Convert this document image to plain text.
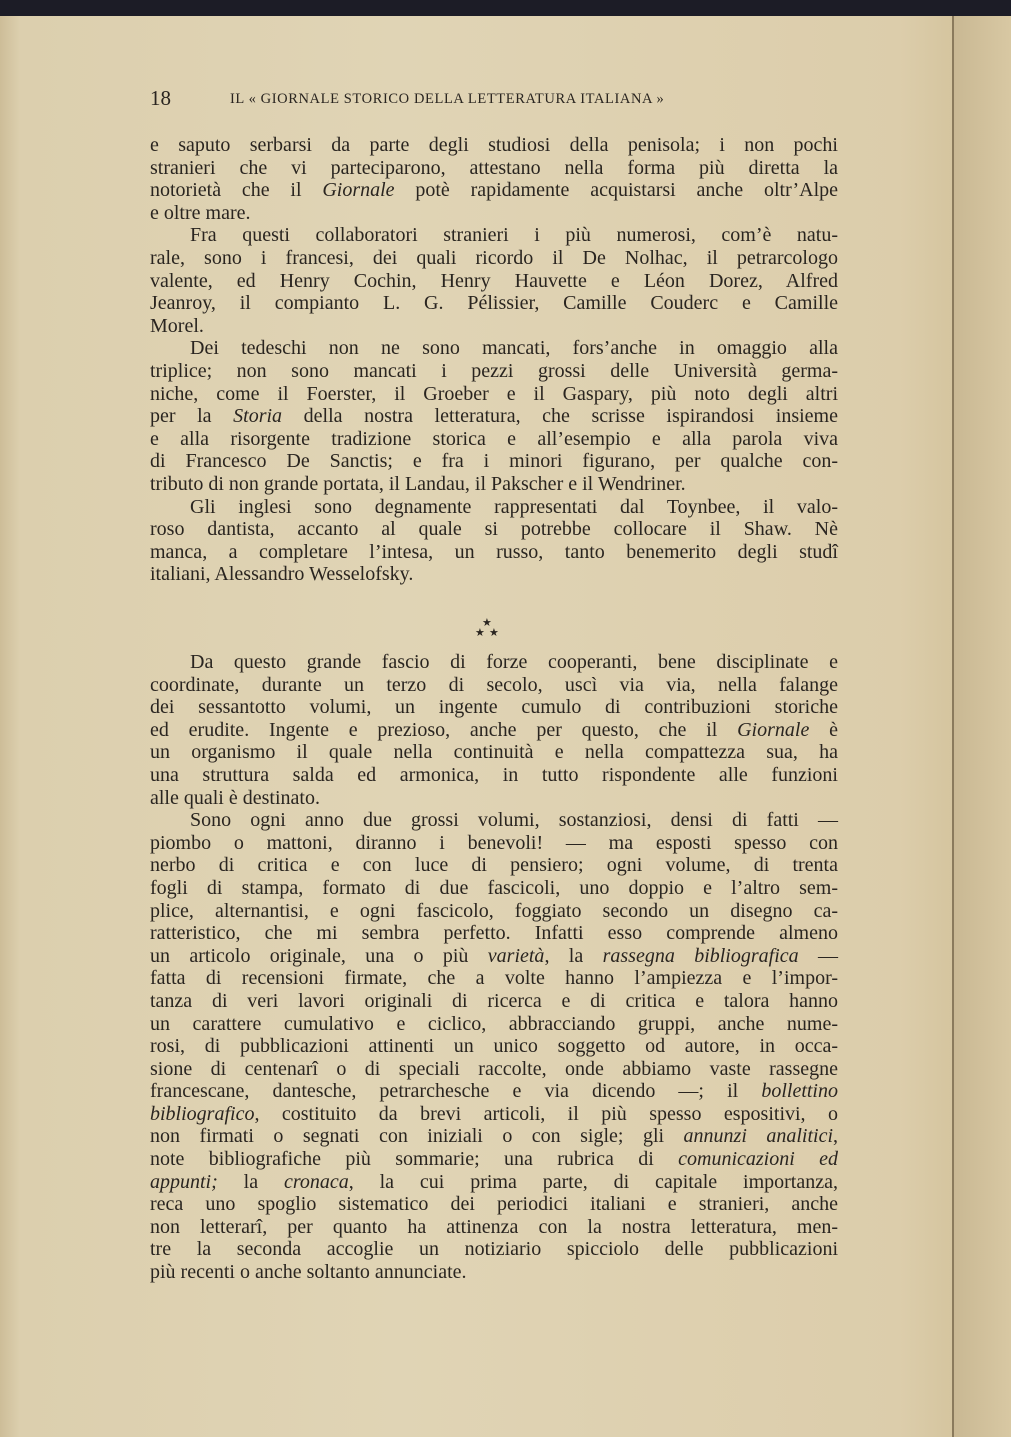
18	IL « GIORNALE STORICO DELLA LETTERATURA ITALIANA »
e saputo serbarsi da parte degli studiosi della penisola; i non pochi
stranieri che vi parteciparono, attestano nella forma più diretta la
notorietà che il Giornale potè rapidamente acquistarsi anche oltr’Alpe
e oltre mare.
Fra questi collaboratori stranieri i più numerosi, com’è natu-
rale, sono i francesi, dei quali ricordo il De Nolhac, il petrarcologo
valente, ed Henry Cochin, Henry Hauvette e Léon Dorez, Alfred
Jeanroy, il compianto L. G. Pélissier, Camille Couderc e Camille
Morel.
Dei tedeschi non ne sono mancati, fors’anche in omaggio alla
triplice; non sono mancati i pezzi grossi delle Università germa-
niche, come il Foerster, il Groeber e il Gaspary, più noto degli altri
per la Storia della nostra letteratura, che scrisse ispirandosi insieme
e alla risorgente tradizione storica e all’esempio e alla parola viva
di Francesco De Sanctis; e fra i minori figurano, per qualche con-
tributo di non grande portata, il Landau, il Pakscher e il Wendriner.
Gli inglesi sono degnamente rappresentati dal Toynbee, il valo-
roso dantista, accanto al quale si potrebbe collocare il Shaw. Nè
manca, a completare l’intesa, un russo, tanto benemerito degli studî
italiani, Alessandro Wesselofsky.
★
★ ★
Da questo grande fascio di forze cooperanti, bene disciplinate e
coordinate, durante un terzo di secolo, uscì via via, nella falange
dei sessantotto volumi, un ingente cumulo di contribuzioni storiche
ed erudite. Ingente e prezioso, anche per questo, che il Giornale è
un organismo il quale nella continuità e nella compattezza sua, ha
una struttura salda ed armonica, in tutto rispondente alle funzioni
alle quali è destinato.
Sono ogni anno due grossi volumi, sostanziosi, densi di fatti —
piombo o mattoni, diranno i benevoli! — ma esposti spesso con
nerbo di critica e con luce di pensiero; ogni volume, di trenta
fogli di stampa, formato di due fascicoli, uno doppio e l’altro sem-
plice, alternantisi, e ogni fascicolo, foggiato secondo un disegno ca-
ratteristico, che mi sembra perfetto. Infatti esso comprende almeno
un articolo originale, una o più varietà, la rassegna bibliografica —
fatta di recensioni firmate, che a volte hanno l’ampiezza e l’impor-
tanza di veri lavori originali di ricerca e di critica e talora hanno
un carattere cumulativo e ciclico, abbracciando gruppi, anche nume-
rosi, di pubblicazioni attinenti un unico soggetto od autore, in occa-
sione di centenarî o di speciali raccolte, onde abbiamo vaste rassegne
francescane, dantesche, petrarchesche e via dicendo —; il bollettino
bibliografico, costituito da brevi articoli, il più spesso espositivi, o
non firmati o segnati con iniziali o con sigle; gli annunzi analitici,
note bibliografiche più sommarie; una rubrica di comunicazioni ed
appunti; la cronaca, la cui prima parte, di capitale importanza,
reca uno spoglio sistematico dei periodici italiani e stranieri, anche
non letterarî, per quanto ha attinenza con la nostra letteratura, men-
tre la seconda accoglie un notiziario spicciolo delle pubblicazioni
più recenti o anche soltanto annunciate.
